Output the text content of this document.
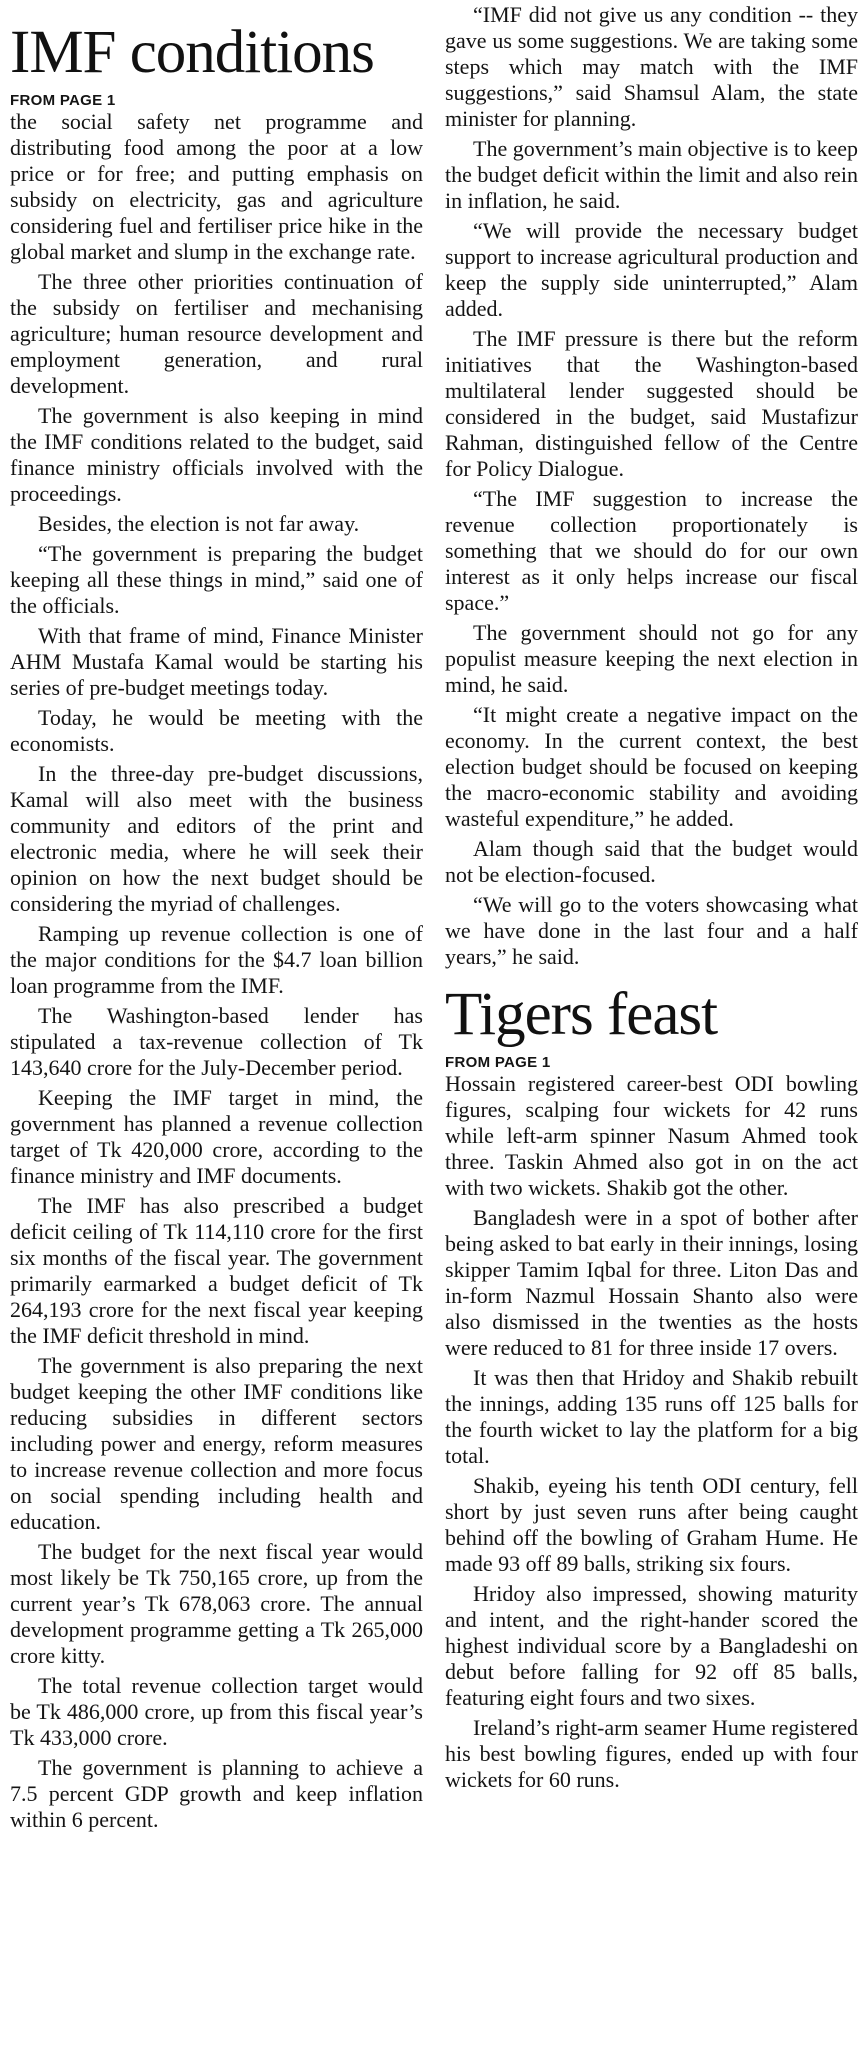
IMF conditions
FROM PAGE 1

the social safety net programme and distributing food among the poor at a low price or for free; and putting emphasis on subsidy on electricity, gas and agriculture considering fuel and fertiliser price hike in the global market and slump in the exchange rate.

The three other priorities continuation of the subsidy on fertiliser and mechanising agriculture; human resource development and employment generation, and rural development.

The government is also keeping in mind the IMF conditions related to the budget, said finance ministry officials involved with the proceedings.

Besides, the election is not far away.

“The government is preparing the budget keeping all these things in mind,” said one of the officials.

With that frame of mind, Finance Minister AHM Mustafa Kamal would be starting his series of pre-budget meetings today.

Today, he would be meeting with the economists.

In the three-day pre-budget discussions, Kamal will also meet with the business community and editors of the print and electronic media, where he will seek their opinion on how the next budget should be considering the myriad of challenges.

Ramping up revenue collection is one of the major conditions for the $4.7 loan billion loan programme from the IMF.

The Washington-based lender has stipulated a tax-revenue collection of Tk 143,640 crore for the July-December period.

Keeping the IMF target in mind, the government has planned a revenue collection target of Tk 420,000 crore, according to the finance ministry and IMF documents.

The IMF has also prescribed a budget deficit ceiling of Tk 114,110 crore for the first six months of the fiscal year. The government primarily earmarked a budget deficit of Tk 264,193 crore for the next fiscal year keeping the IMF deficit threshold in mind.

The government is also preparing the next budget keeping the other IMF conditions like reducing subsidies in different sectors including power and energy, reform measures to increase revenue collection and more focus on social spending including health and education.

The budget for the next fiscal year would most likely be Tk 750,165 crore, up from the current year’s Tk 678,063 crore. The annual development programme getting a Tk 265,000 crore kitty.

The total revenue collection target would be Tk 486,000 crore, up from this fiscal year’s Tk 433,000 crore.

The government is planning to achieve a 7.5 percent GDP growth and keep inflation within 6 percent.

“IMF did not give us any condition -- they gave us some suggestions. We are taking some steps which may match with the IMF suggestions,” said Shamsul Alam, the state minister for planning.

The government’s main objective is to keep the budget deficit within the limit and also rein in inflation, he said.

“We will provide the necessary budget support to increase agricultural production and keep the supply side uninterrupted,” Alam added.

The IMF pressure is there but the reform initiatives that the Washington-based multilateral lender suggested should be considered in the budget, said Mustafizur Rahman, distinguished fellow of the Centre for Policy Dialogue.

“The IMF suggestion to increase the revenue collection proportionately is something that we should do for our own interest as it only helps increase our fiscal space.”

The government should not go for any populist measure keeping the next election in mind, he said.

“It might create a negative impact on the economy. In the current context, the best election budget should be focused on keeping the macro-economic stability and avoiding wasteful expenditure,” he added.

Alam though said that the budget would not be election-focused.

“We will go to the voters showcasing what we have done in the last four and a half years,” he said.

Tigers feast
FROM PAGE 1

Hossain registered career-best ODI bowling figures, scalping four wickets for 42 runs while left-arm spinner Nasum Ahmed took three. Taskin Ahmed also got in on the act with two wickets. Shakib got the other.

Bangladesh were in a spot of bother after being asked to bat early in their innings, losing skipper Tamim Iqbal for three. Liton Das and in-form Nazmul Hossain Shanto also were also dismissed in the twenties as the hosts were reduced to 81 for three inside 17 overs.

It was then that Hridoy and Shakib rebuilt the innings, adding 135 runs off 125 balls for the fourth wicket to lay the platform for a big total.

Shakib, eyeing his tenth ODI century, fell short by just seven runs after being caught behind off the bowling of Graham Hume. He made 93 off 89 balls, striking six fours.

Hridoy also impressed, showing maturity and intent, and the right-hander scored the highest individual score by a Bangladeshi on debut before falling for 92 off 85 balls, featuring eight fours and two sixes.

Ireland’s right-arm seamer Hume registered his best bowling figures, ended up with four wickets for 60 runs.
